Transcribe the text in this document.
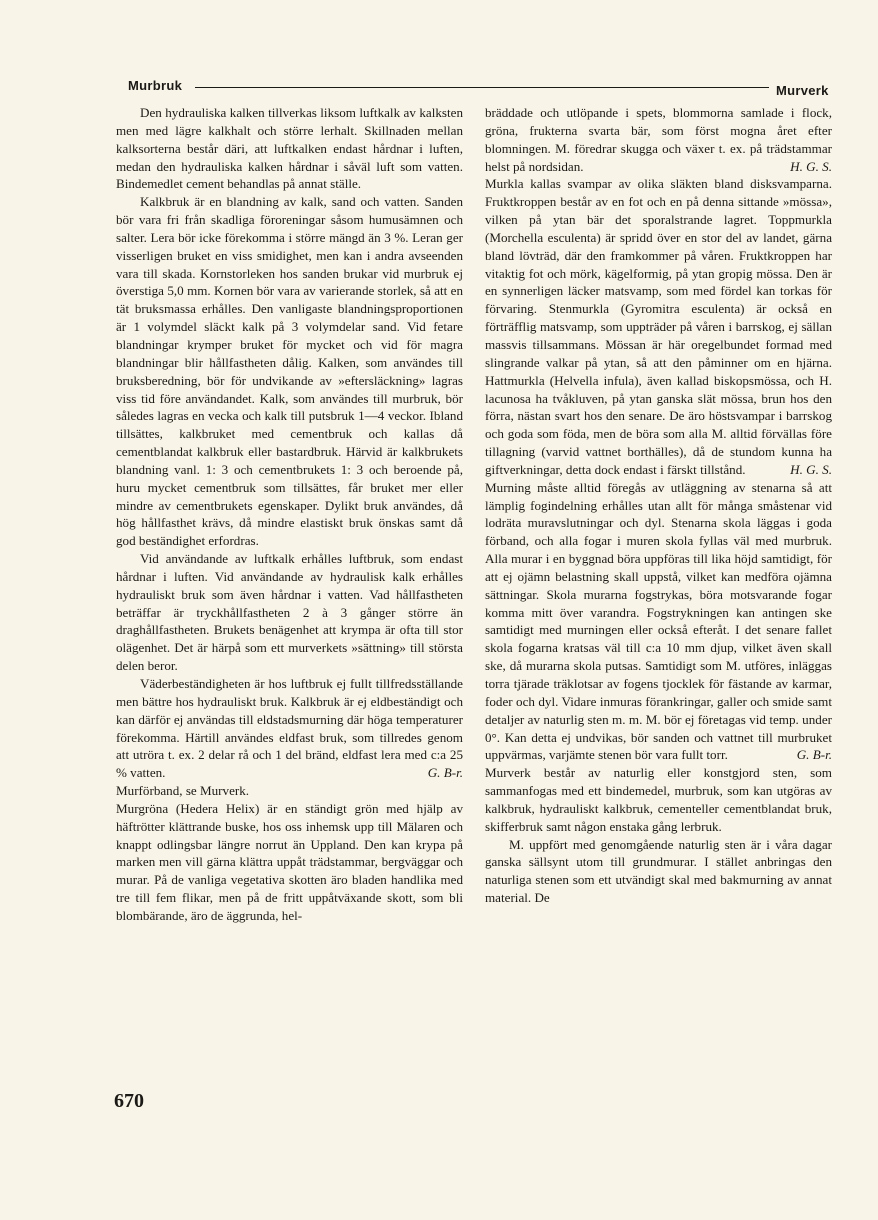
Murbruk	Murverk

Den hydrauliska kalken tillverkas liksom luftkalk av kalksten men med lägre kalkhalt och större lerhalt. Skillnaden mellan kalksorterna består däri, att luftkalken endast hårdnar i luften, medan den hydrauliska kalken hårdnar i såväl luft som vatten. Bindemedlet cement behandlas på annat ställe.

Kalkbruk är en blandning av kalk, sand och vatten. Sanden bör vara fri från skadliga föroreningar såsom humusämnen och salter. Lera bör icke förekomma i större mängd än 3 %. Leran ger visserligen bruket en viss smidighet, men kan i andra avseenden vara till skada. Kornstorleken hos sanden brukar vid murbruk ej överstiga 5,0 mm. Kornen bör vara av varierande storlek, så att en tät bruksmassa erhålles. Den vanligaste blandningsproportionen är 1 volymdel släckt kalk på 3 volymdelar sand. Vid fetare blandningar krymper bruket för mycket och vid för magra blandningar blir hållfastheten dålig. Kalken, som användes till bruksberedning, bör för undvikande av »eftersläckning» lagras viss tid före användandet. Kalk, som användes till murbruk, bör således lagras en vecka och kalk till putsbruk 1—4 veckor. Ibland tillsättes, kalkbruket med cementbruk och kallas då cementblandat kalkbruk eller bastardbruk. Härvid är kalkbrukets blandning vanl. 1: 3 och cementbrukets 1: 3 och beroende på, huru mycket cementbruk som tillsättes, får bruket mer eller mindre av cementbrukets egenskaper. Dylikt bruk användes, då hög hållfasthet krävs, då mindre elastiskt bruk önskas samt då god beständighet erfordras.

Vid användande av luftkalk erhålles luftbruk, som endast hårdnar i luften. Vid användande av hydraulisk kalk erhålles hydrauliskt bruk som även hårdnar i vatten. Vad hållfastheten beträffar är tryckhållfastheten 2 à 3 gånger större än draghållfastheten. Brukets benägenhet att krympa är ofta till stor olägenhet. Det är härpå som ett murverkets »sättning» till största delen beror.

Väderbeständigheten är hos luftbruk ej fullt tillfredsställande men bättre hos hydrauliskt bruk. Kalkbruk är ej eldbeständigt och kan därför ej användas till eldstadsmurning där höga temperaturer förekomma. Härtill användes eldfast bruk, som tillredes genom att utröra t. ex. 2 delar rå och 1 del bränd, eldfast lera med c:a 25 % vatten.	G. B-r.

Murförband, se Murverk.

Murgröna (Hedera Helix) är en ständigt grön med hjälp av häftrötter klättrande buske, hos oss inhemsk upp till Mälaren och knappt odlingsbar längre norrut än Uppland. Den kan krypa på marken men vill gärna klättra uppåt trädstammar, bergväggar och murar. På de vanliga vegetativa skotten äro bladen handlika med tre till fem flikar, men på de fritt uppåtväxande skott, som bli blombärande, äro de äggrunda, hel-

bräddade och utlöpande i spets, blommorna samlade i flock, gröna, frukterna svarta bär, som först mogna året efter blomningen. M. föredrar skugga och växer t. ex. på trädstammar helst på nordsidan.	H. G. S.

Murkla kallas svampar av olika släkten bland disksvamparna. Fruktkroppen består av en fot och en på denna sittande »mössa», vilken på ytan bär det sporalstrande lagret. Toppmurkla (Morchella esculenta) är spridd över en stor del av landet, gärna bland lövträd, där den framkommer på våren. Fruktkroppen har vitaktig fot och mörk, kägelformig, på ytan gropig mössa. Den är en synnerligen läcker matsvamp, som med fördel kan torkas för förvaring. Stenmurkla (Gyromitra esculenta) är också en förträfflig matsvamp, som uppträder på våren i barrskog, ej sällan massvis tillsammans. Mössan är här oregelbundet formad med slingrande valkar på ytan, så att den påminner om en hjärna. Hattmurkla (Helvella infula), även kallad biskopsmössa, och H. lacunosa ha tvåkluven, på ytan ganska slät mössa, brun hos den förra, nästan svart hos den senare. De äro höstsvampar i barrskog och goda som föda, men de böra som alla M. alltid förvällas före tillagning (varvid vattnet borthälles), då de stundom kunna ha giftverkningar, detta dock endast i färskt tillstånd.	H. G. S.

Murning måste alltid föregås av utläggning av stenarna så att lämplig fogindelning erhålles utan allt för många småstenar vid lodräta muravslutningar och dyl. Stenarna skola läggas i goda förband, och alla fogar i muren skola fyllas väl med murbruk. Alla murar i en byggnad böra uppföras till lika höjd samtidigt, för att ej ojämn belastning skall uppstå, vilket kan medföra ojämna sättningar. Skola murarna fogstrykas, böra motsvarande fogar komma mitt över varandra. Fogstrykningen kan antingen ske samtidigt med murningen eller också efteråt. I det senare fallet skola fogarna kratsas väl till c:a 10 mm djup, vilket även skall ske, då murarna skola putsas. Samtidigt som M. utföres, inläggas torra tjärade träklotsar av fogens tjocklek för fästande av karmar, foder och dyl. Vidare inmuras förankringar, galler och smide samt detaljer av naturlig sten m. m. M. bör ej företagas vid temp. under 0°. Kan detta ej undvikas, bör sanden och vattnet till murbruket uppvärmas, varjämte stenen bör vara fullt torr.	G. B-r.

Murverk består av naturlig eller konstgjord sten, som sammanfogas med ett bindemedel, murbruk, som kan utgöras av kalkbruk, hydrauliskt kalkbruk, cementeller cementblandat bruk, skifferbruk samt någon enstaka gång lerbruk.

M. uppfört med genomgående naturlig sten är i våra dagar ganska sällsynt utom till grundmurar. I stället anbringas den naturliga stenen som ett utvändigt skal med bakmurning av annat material. De

670
